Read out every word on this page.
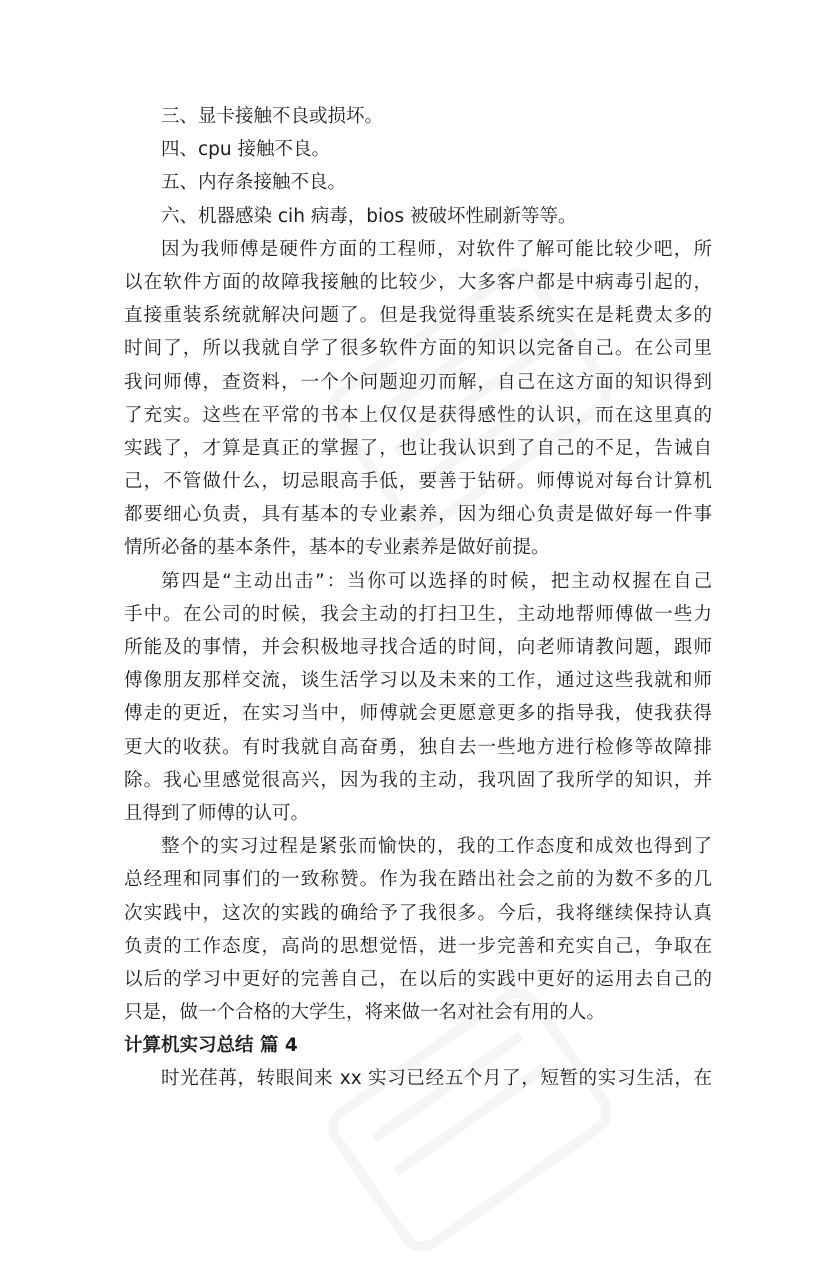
三、显卡接触不良或损坏。
四、cpu 接触不良。
五、内存条接触不良。
六、机器感染 cih 病毒，bios 被破坏性刷新等等。
因为我师傅是硬件方面的工程师，对软件了解可能比较少吧，所
以在软件方面的故障我接触的比较少，大多客户都是中病毒引起的，
直接重装系统就解决问题了。但是我觉得重装系统实在是耗费太多的
时间了，所以我就自学了很多软件方面的知识以完备自己。在公司里
我问师傅，查资料，一个个问题迎刃而解，自己在这方面的知识得到
了充实。这些在平常的书本上仅仅是获得感性的认识，而在这里真的
实践了，才算是真正的掌握了，也让我认识到了自己的不足，告诫自
己，不管做什么，切忌眼高手低，要善于钻研。师傅说对每台计算机
都要细心负责，具有基本的专业素养，因为细心负责是做好每一件事
情所必备的基本条件，基本的专业素养是做好前提。
第四是“主动出击”：当你可以选择的时候，把主动权握在自己
手中。在公司的时候，我会主动的打扫卫生，主动地帮师傅做一些力
所能及的事情，并会积极地寻找合适的时间，向老师请教问题，跟师
傅像朋友那样交流，谈生活学习以及未来的工作，通过这些我就和师
傅走的更近，在实习当中，师傅就会更愿意更多的指导我，使我获得
更大的收获。有时我就自高奋勇，独自去一些地方进行检修等故障排
除。我心里感觉很高兴，因为我的主动，我巩固了我所学的知识，并
且得到了师傅的认可。
整个的实习过程是紧张而愉快的，我的工作态度和成效也得到了
总经理和同事们的一致称赞。作为我在踏出社会之前的为数不多的几
次实践中，这次的实践的确给予了我很多。今后，我将继续保持认真
负责的工作态度，高尚的思想觉悟，进一步完善和充实自己，争取在
以后的学习中更好的完善自己，在以后的实践中更好的运用去自己的
只是，做一个合格的大学生，将来做一名对社会有用的人。
计算机实习总结 篇 4
时光荏苒，转眼间来 xx 实习已经五个月了，短暂的实习生活，在
